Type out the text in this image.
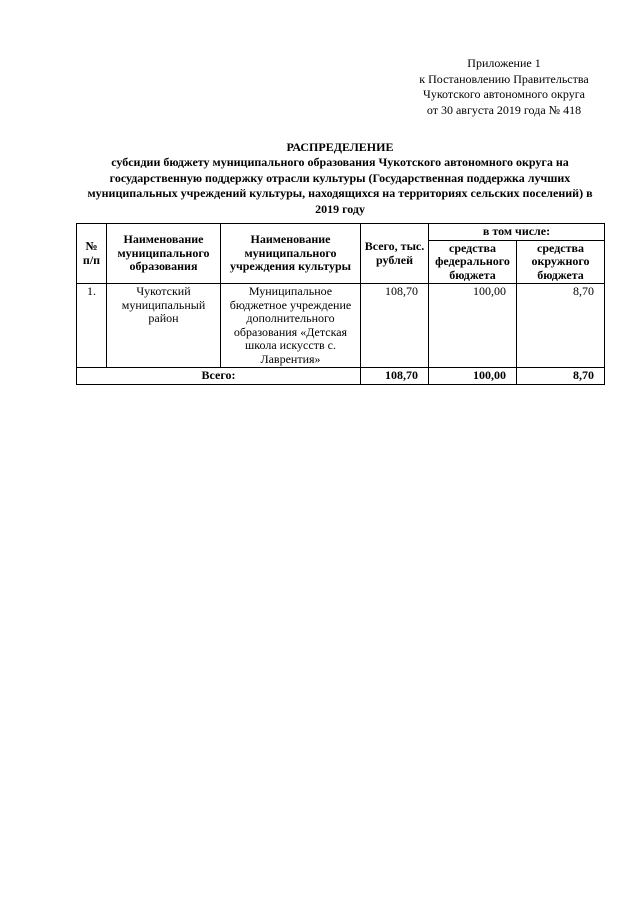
Приложение 1
к Постановлению Правительства
Чукотского автономного округа
от 30 августа 2019 года № 418
РАСПРЕДЕЛЕНИЕ
субсидии бюджету муниципального образования Чукотского автономного округа на государственную поддержку отрасли культуры (Государственная поддержка лучших муниципальных учреждений культуры, находящихся на территориях сельских поселений) в 2019 году
№ п/п	Наименование муниципального образования	Наименование муниципального учреждения культуры	Всего, тыс. рублей	в том числе:	
				средства федерального бюджета	средства окружного бюджета
1.	Чукотский муниципальный район	Муниципальное бюджетное учреждение дополнительного образования «Детская школа искусств с. Лаврентия»	108,70	100,00	8,70
Всего:			108,70	100,00	8,70
